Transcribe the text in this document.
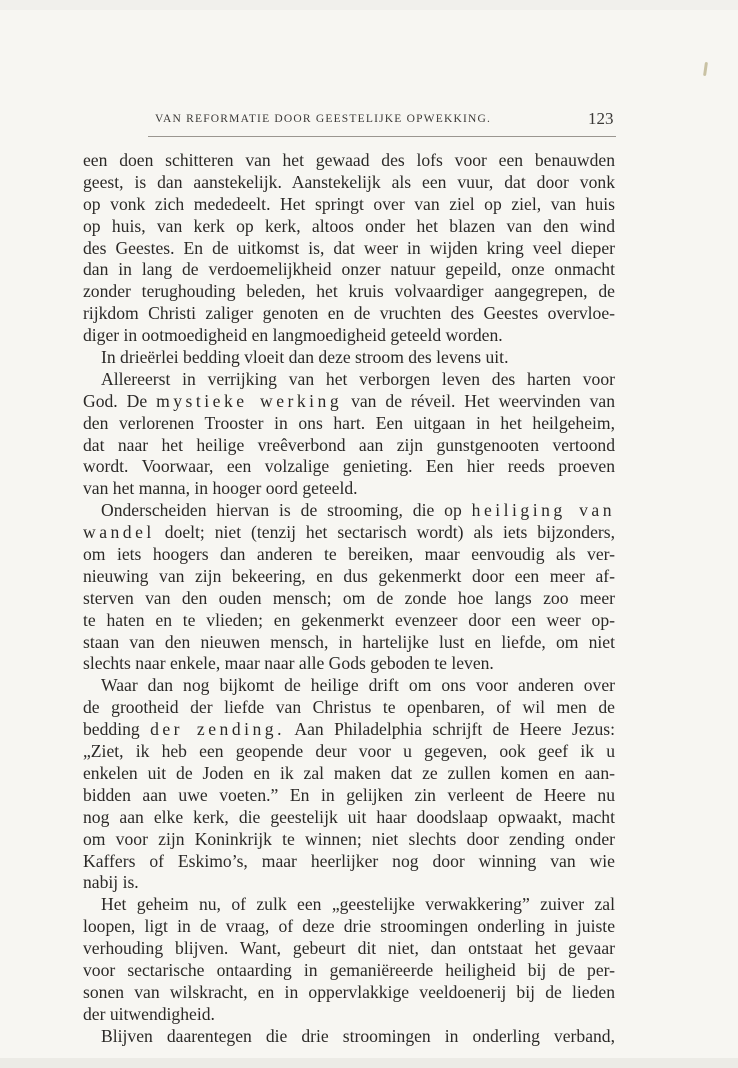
VAN REFORMATIE DOOR GEESTELIJKE OPWEKKING.	123
een doen schitteren van het gewaad des lofs voor een benauwden
geest, is dan aanstekelijk. Aanstekelijk als een vuur, dat door vonk
op vonk zich mededeelt. Het springt over van ziel op ziel, van huis
op huis, van kerk op kerk, altoos onder het blazen van den wind
des Geestes. En de uitkomst is, dat weer in wijden kring veel dieper
dan in lang de verdoemelijkheid onzer natuur gepeild, onze onmacht
zonder terughouding beleden, het kruis volvaardiger aangegrepen, de
rijkdom Christi zaliger genoten en de vruchten des Geestes overvloe-
diger in ootmoedigheid en langmoedigheid geteeld worden.
In drieërlei bedding vloeit dan deze stroom des levens uit.
Allereerst in verrijking van het verborgen leven des harten voor
God. De mystieke werking van de réveil. Het weervinden van
den verlorenen Trooster in ons hart. Een uitgaan in het heilgeheim,
dat naar het heilige vreêverbond aan zijn gunstgenooten vertoond
wordt. Voorwaar, een volzalige genieting. Een hier reeds proeven
van het manna, in hooger oord geteeld.
Onderscheiden hiervan is de strooming, die op heiliging van
wandel doelt; niet (tenzij het sectarisch wordt) als iets bijzonders,
om iets hoogers dan anderen te bereiken, maar eenvoudig als ver-
nieuwing van zijn bekeering, en dus gekenmerkt door een meer af-
sterven van den ouden mensch; om de zonde hoe langs zoo meer
te haten en te vlieden; en gekenmerkt evenzeer door een weer op-
staan van den nieuwen mensch, in hartelijke lust en liefde, om niet
slechts naar enkele, maar naar alle Gods geboden te leven.
Waar dan nog bijkomt de heilige drift om ons voor anderen over
de grootheid der liefde van Christus te openbaren, of wil men de
bedding der zending. Aan Philadelphia schrijft de Heere Jezus:
„Ziet, ik heb een geopende deur voor u gegeven, ook geef ik u
enkelen uit de Joden en ik zal maken dat ze zullen komen en aan-
bidden aan uwe voeten.” En in gelijken zin verleent de Heere nu
nog aan elke kerk, die geestelijk uit haar doodslaap opwaakt, macht
om voor zijn Koninkrijk te winnen; niet slechts door zending onder
Kaffers of Eskimo’s, maar heerlijker nog door winning van wie
nabij is.
Het geheim nu, of zulk een „geestelijke verwakkering” zuiver zal
loopen, ligt in de vraag, of deze drie stroomingen onderling in juiste
verhouding blijven. Want, gebeurt dit niet, dan ontstaat het gevaar
voor sectarische ontaarding in gemaniëreerde heiligheid bij de per-
sonen van wilskracht, en in oppervlakkige veeldoenerij bij de lieden
der uitwendigheid.
Blijven daarentegen die drie stroomingen in onderling verband,
